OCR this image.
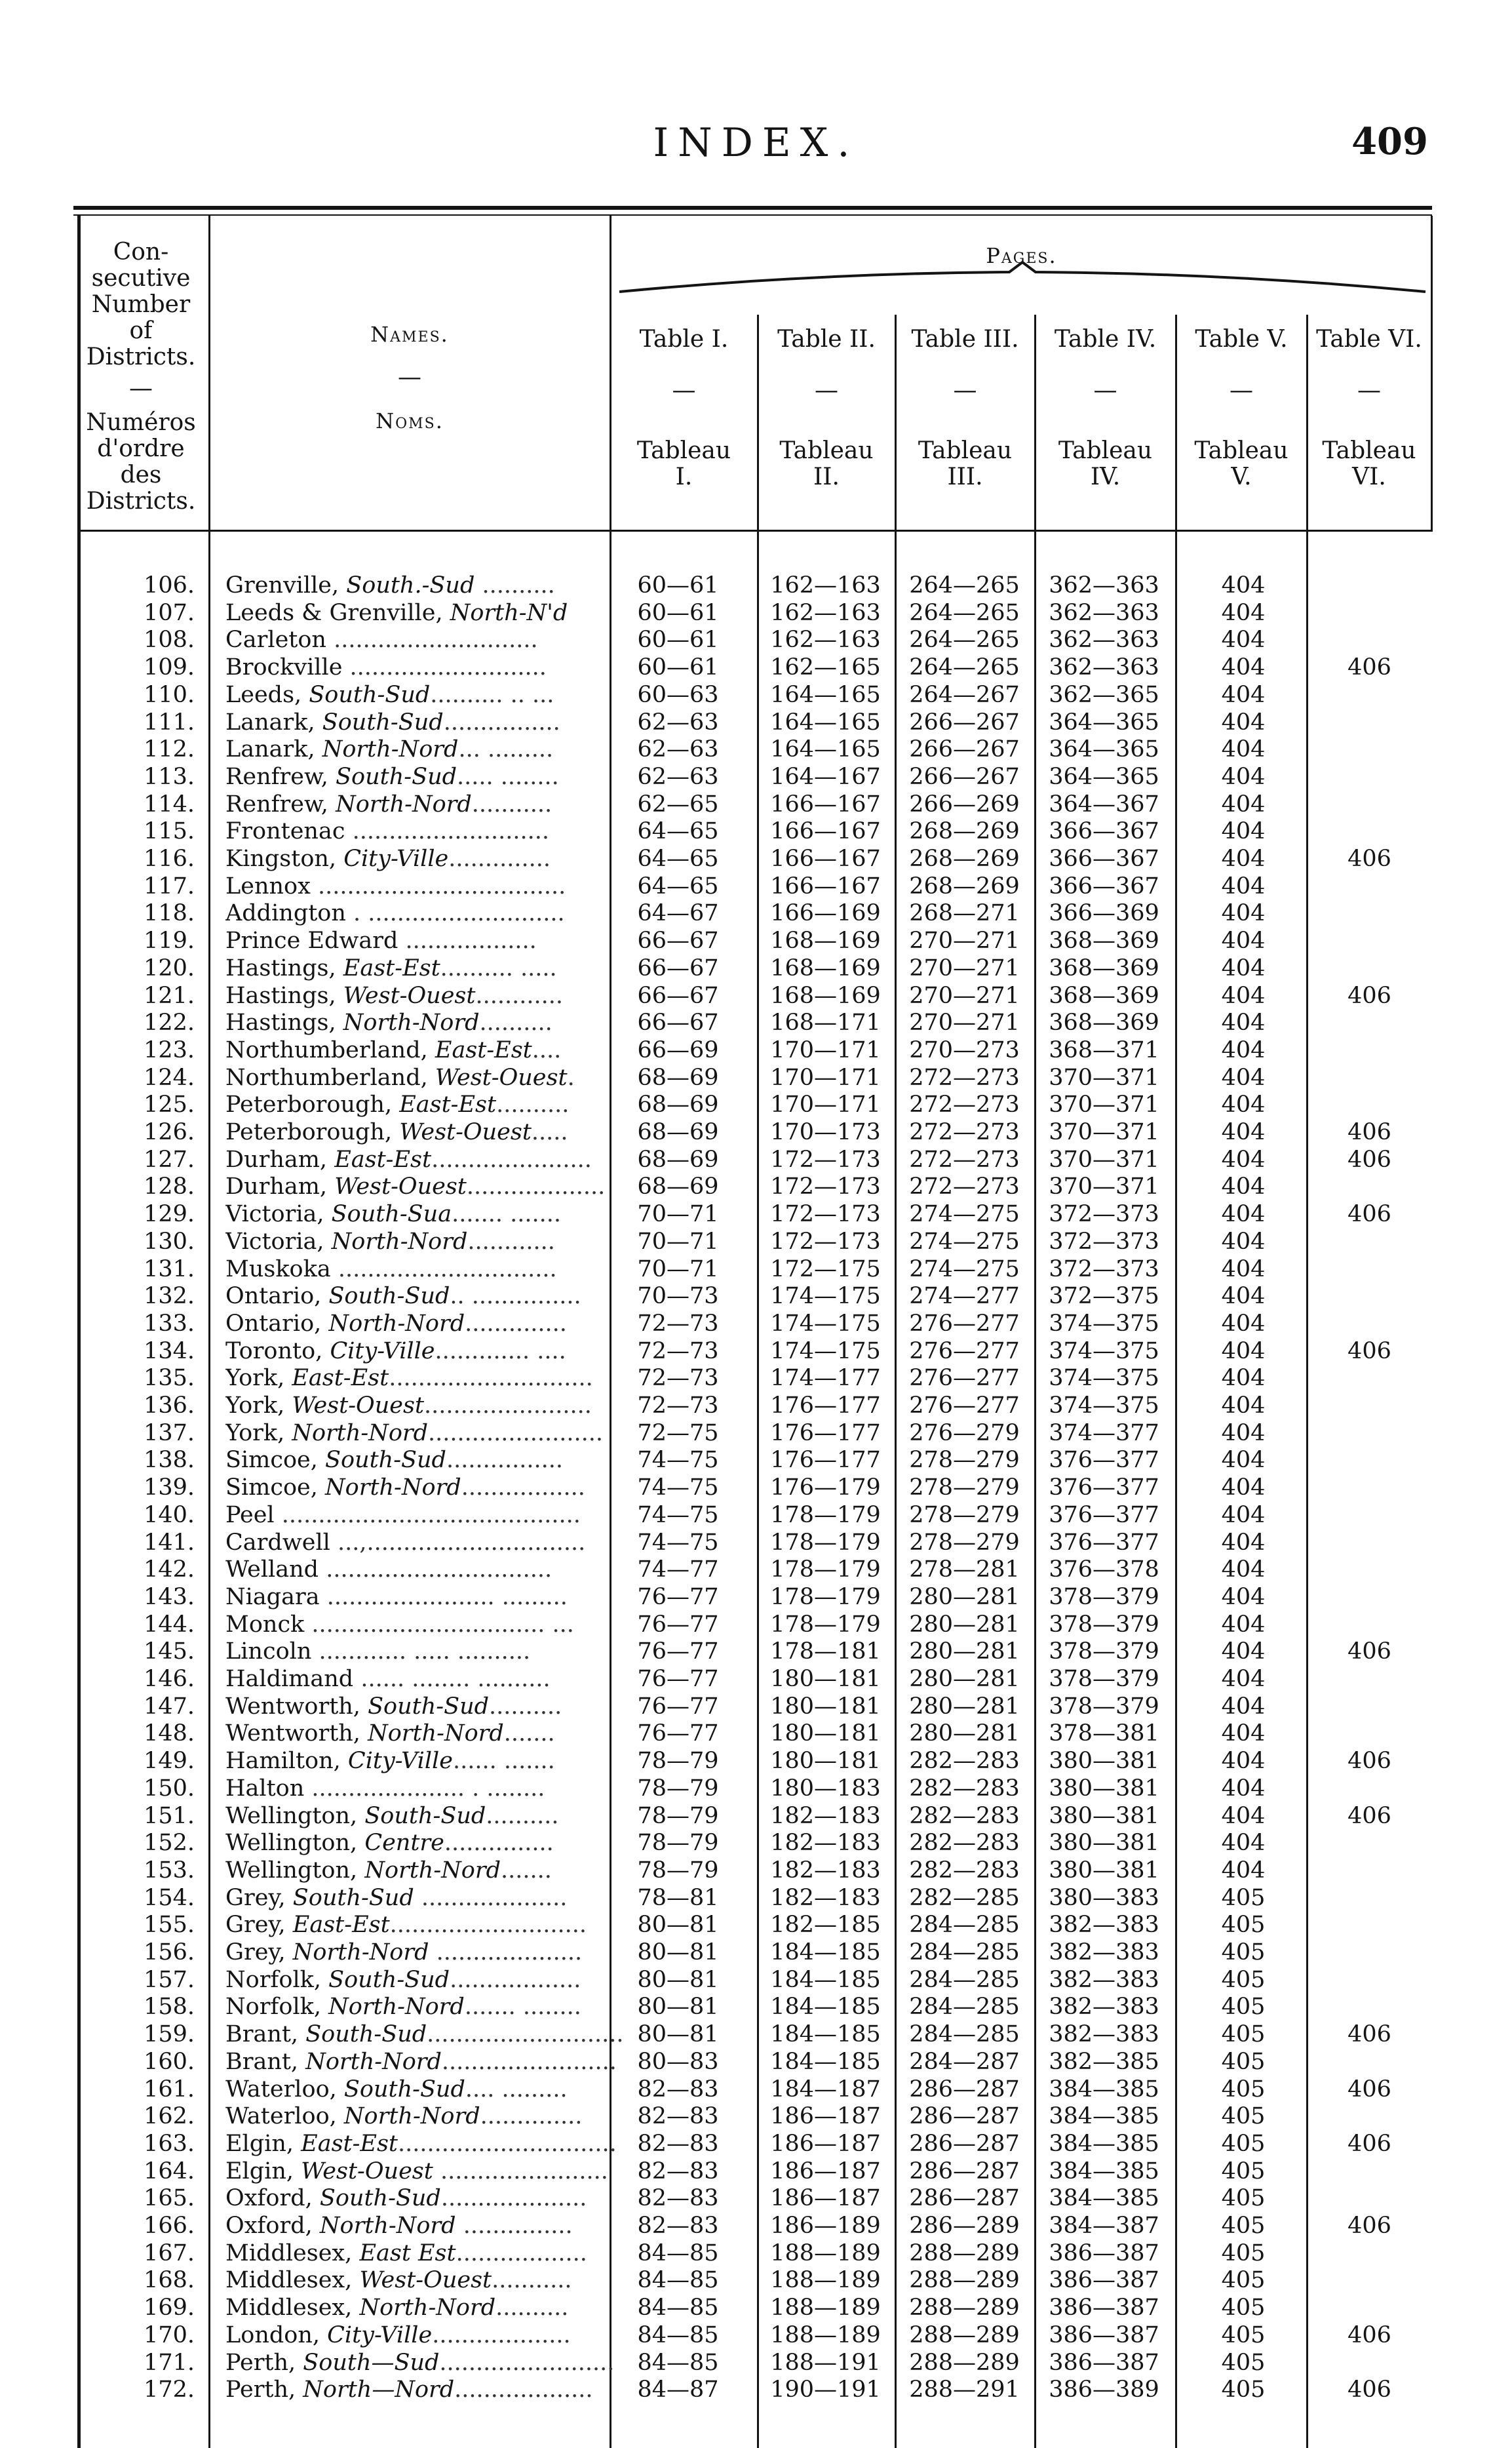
INDEX.	409
Con-
secutive
Number
of
Districts.
—
Numéros
d'ordre
des
Districts.
Names.
—
Noms.
Pages.
Table I.	Table II.	Table III.	Table IV.	Table V.	Table VI.
—	—	—	—	—	—
Tableau
I.
Tableau
II.
Tableau
III.
Tableau
IV.
Tableau
V.
Tableau
VI.
106. Grenville, South.-Sud ..........	60—61	162—163	264—265	362—363	404
107. Leeds & Grenville, North-N'd	60—61	162—163	264—265	362—363	404
108. Carleton ............................	60—61	162—163	264—265	362—363	404
109. Brockville ...........................	60—61	162—165	264—265	362—363	404	406
110. Leeds, South-Sud.......... .. ...	60—63	164—165	264—267	362—365	404
111. Lanark, South-Sud................	62—63	164—165	266—267	364—365	404
112. Lanark, North-Nord... .........	62—63	164—165	266—267	364—365	404
113. Renfrew, South-Sud..... ........	62—63	164—167	266—267	364—365	404
114. Renfrew, North-Nord...........	62—65	166—167	266—269	364—367	404
115. Frontenac ...........................	64—65	166—167	268—269	366—367	404
116. Kingston, City-Ville..............	64—65	166—167	268—269	366—367	404	406
117. Lennox ..................................	64—65	166—167	268—269	366—367	404
118. Addington . ...........................	64—67	166—169	268—271	366—369	404
119. Prince Edward ..................	66—67	168—169	270—271	368—369	404
120. Hastings, East-Est.......... .....	66—67	168—169	270—271	368—369	404
121. Hastings, West-Ouest............	66—67	168—169	270—271	368—369	404	406
122. Hastings, North-Nord..........	66—67	168—171	270—271	368—369	404
123. Northumberland, East-Est....	66—69	170—171	270—273	368—371	404
124. Northumberland, West-Ouest.	68—69	170—171	272—273	370—371	404
125. Peterborough, East-Est..........	68—69	170—171	272—273	370—371	404
126. Peterborough, West-Ouest.....	68—69	170—173	272—273	370—371	404	406
127. Durham, East-Est......................	68—69	172—173	272—273	370—371	404	406
128. Durham, West-Ouest...................	68—69	172—173	272—273	370—371	404
129. Victoria, South-Sua....... .......	70—71	172—173	274—275	372—373	404	406
130. Victoria, North-Nord............	70—71	172—173	274—275	372—373	404
131. Muskoka ..............................	70—71	172—175	274—275	372—373	404
132. Ontario, South-Sud.. ...............	70—73	174—175	274—277	372—375	404
133. Ontario, North-Nord..............	72—73	174—175	276—277	374—375	404
134. Toronto, City-Ville............. ....	72—73	174—175	276—277	374—375	404	406
135. York, East-Est............................	72—73	174—177	276—277	374—375	404
136. York, West-Ouest.......................	72—73	176—177	276—277	374—375	404
137. York, North-Nord........................	72—75	176—177	276—279	374—377	404
138. Simcoe, South-Sud................	74—75	176—177	278—279	376—377	404
139. Simcoe, North-Nord.................	74—75	176—179	278—279	376—377	404
140. Peel .........................................	74—75	178—179	278—279	376—377	404
141. Cardwell ...,..............................	74—75	178—179	278—279	376—377	404
142. Welland ...............................	74—77	178—179	278—281	376—378	404
143. Niagara ....................... .........	76—77	178—179	280—281	378—379	404
144. Monck ................................ ...	76—77	178—179	280—281	378—379	404
145. Lincoln ............ ..... ..........	76—77	178—181	280—281	378—379	404	406
146. Haldimand ...... ........ ..........	76—77	180—181	280—281	378—379	404
147. Wentworth, South-Sud..........	76—77	180—181	280—281	378—379	404
148. Wentworth, North-Nord.......	76—77	180—181	280—281	378—381	404
149. Hamilton, City-Ville...... .......	78—79	180—181	282—283	380—381	404	406
150. Halton ..................... . ........	78—79	180—183	282—283	380—381	404
151. Wellington, South-Sud..........	78—79	182—183	282—283	380—381	404	406
152. Wellington, Centre...............	78—79	182—183	282—283	380—381	404
153. Wellington, North-Nord.......	78—79	182—183	282—283	380—381	404
154. Grey, South-Sud ....................	78—81	182—183	282—285	380—383	405
155. Grey, East-Est...........................	80—81	182—185	284—285	382—383	405
156. Grey, North-Nord ....................	80—81	184—185	284—285	382—383	405
157. Norfolk, South-Sud..................	80—81	184—185	284—285	382—383	405
158. Norfolk, North-Nord....... ........	80—81	184—185	284—285	382—383	405
159. Brant, South-Sud........................... 80—81	184—185	284—285	382—383	405	406
160. Brant, North-Nord........................ 80—83	184—185	284—287	382—385	405
161. Waterloo, South-Sud.... .........	82—83	184—187	286—287	384—385	405	406
162. Waterloo, North-Nord..............	82—83	186—187	286—287	384—385	405
163. Elgin, East-Est.............................. 82—83	186—187	286—287	384—385	405	406
164. Elgin, West-Ouest .......................	82—83	186—187	286—287	384—385	405
165. Oxford, South-Sud....................	82—83	186—187	286—287	384—385	405
166. Oxford, North-Nord ...............	82—83	186—189	286—289	384—387	405	406
167. Middlesex, East Est..................	84—85	188—189	288—289	386—387	405
168. Middlesex, West-Ouest...........	84—85	188—189	288—289	386—387	405
169. Middlesex, North-Nord..........	84—85	188—189	288—289	386—387	405
170. London, City-Ville...................	84—85	188—189	288—289	386—387	405	406
171. Perth, South—Sud........................	84—85	188—191	288—289	386—387	405
172. Perth, North—Nord...................	84—87	190—191	288—291	386—389	405	406
